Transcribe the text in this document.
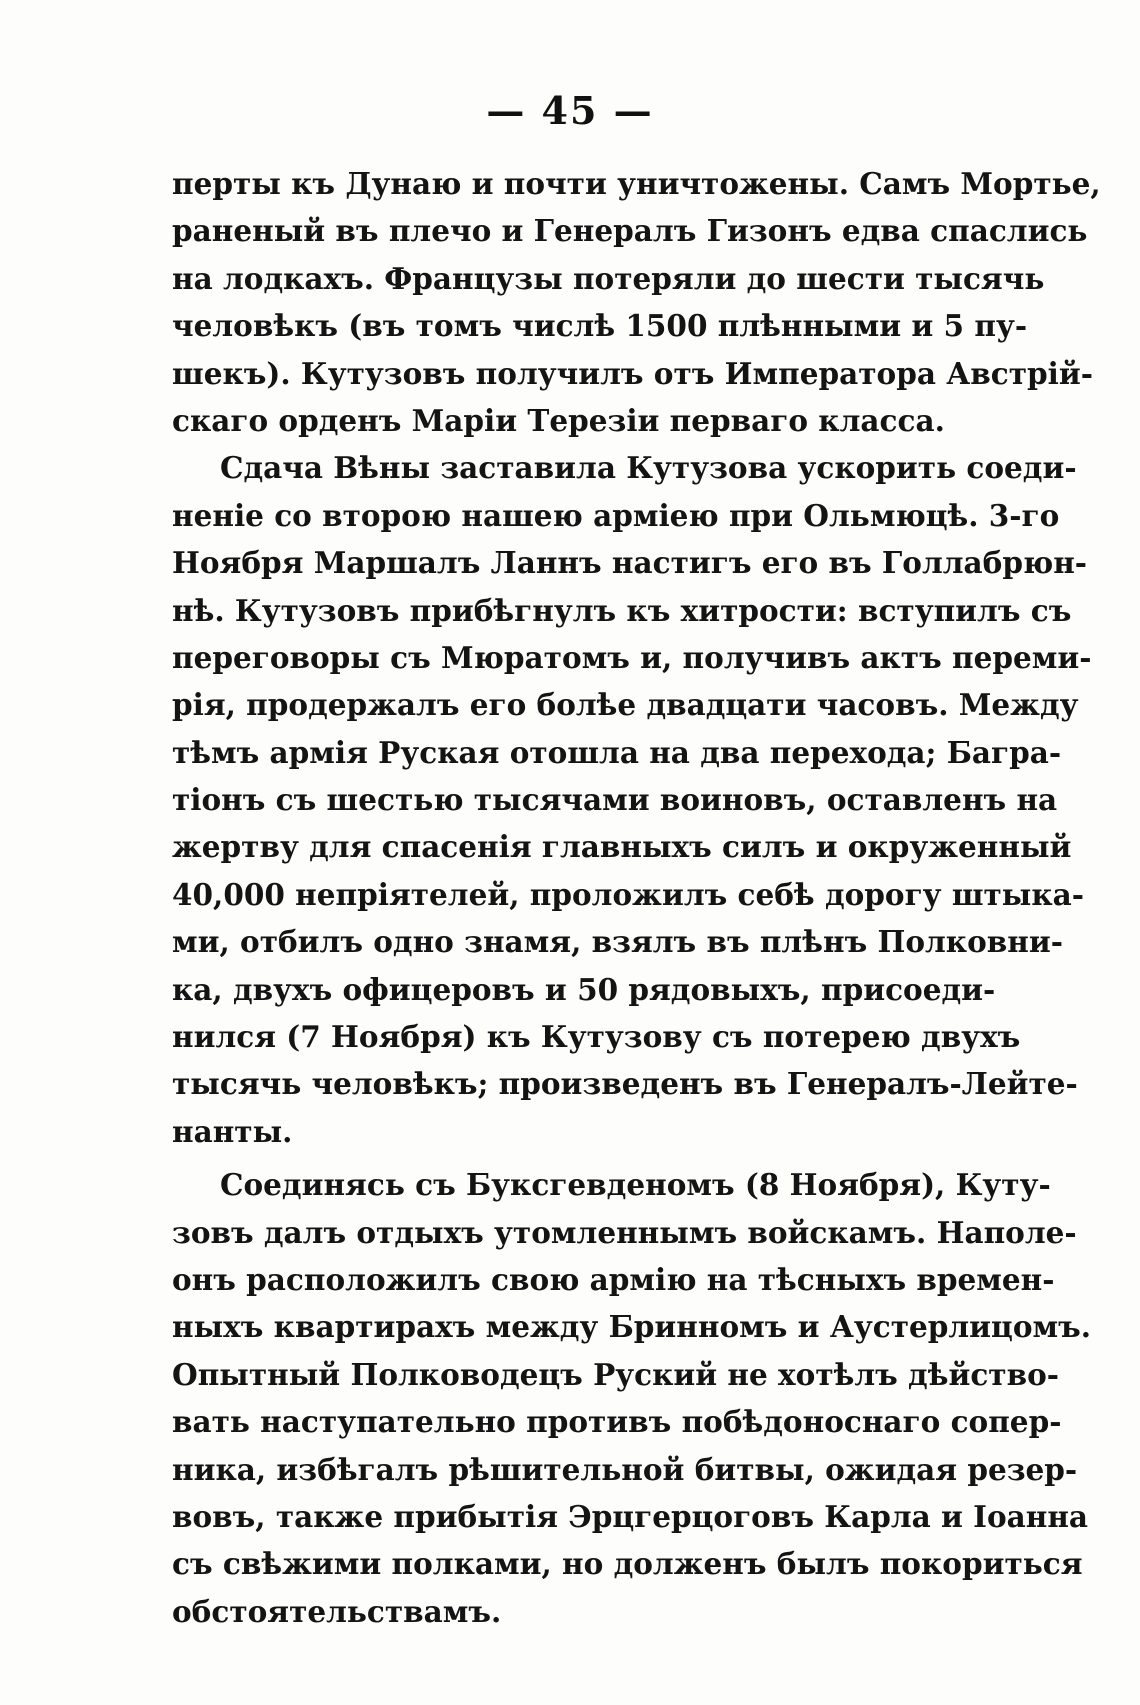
— 45 —
перты къ Дунаю и почти уничтожены. Самъ Мортье,
раненый въ плечо и Генералъ Гизонъ едва спаслись
на лодкахъ. Французы потеряли до шести тысячь
человѣкъ (въ томъ числѣ 1500 плѣнными и 5 пу-
шекъ). Кутузовъ получилъ отъ Императора Австрій-
скаго орденъ Маріи Терезіи перваго класса.
Сдача Вѣны заставила Кутузова ускорить соеди-
неніе со второю нашею арміею при Ольмюцѣ. 3-го
Ноября Маршалъ Ланнъ настигъ его въ Голлабрюн-
нѣ. Кутузовъ прибѣгнулъ къ хитрости: вступилъ съ
переговоры съ Мюратомъ и, получивъ актъ переми-
рія, продержалъ его болѣе двадцати часовъ. Между
тѣмъ армія Руская отошла на два перехода; Багра-
тіонъ съ шестью тысячами воиновъ, оставленъ на
жертву для спасенія главныхъ силъ и окруженный
40,000 непріятелей, проложилъ себѣ дорогу штыка-
ми, отбилъ одно знамя, взялъ въ плѣнъ Полковни-
ка, двухъ офицеровъ и 50 рядовыхъ, присоеди-
нился (7 Ноября) къ Кутузову съ потерею двухъ
тысячь человѣкъ; произведенъ въ Генералъ-Лейте-
нанты.
Соединясь съ Буксгевденомъ (8 Ноября), Куту-
зовъ далъ отдыхъ утомленнымъ войскамъ. Наполе-
онъ расположилъ свою армію на тѣсныхъ времен-
ныхъ квартирахъ между Бринномъ и Аустерлицомъ.
Опытный Полководецъ Руский не хотѣлъ дѣйство-
вать наступательно противъ побѣдоноснаго сопер-
ника, избѣгалъ рѣшительной битвы, ожидая резер-
вовъ, также прибытія Эрцгерцоговъ Карла и Іоанна
съ свѣжими полками, но долженъ былъ покориться
обстоятельствамъ.
